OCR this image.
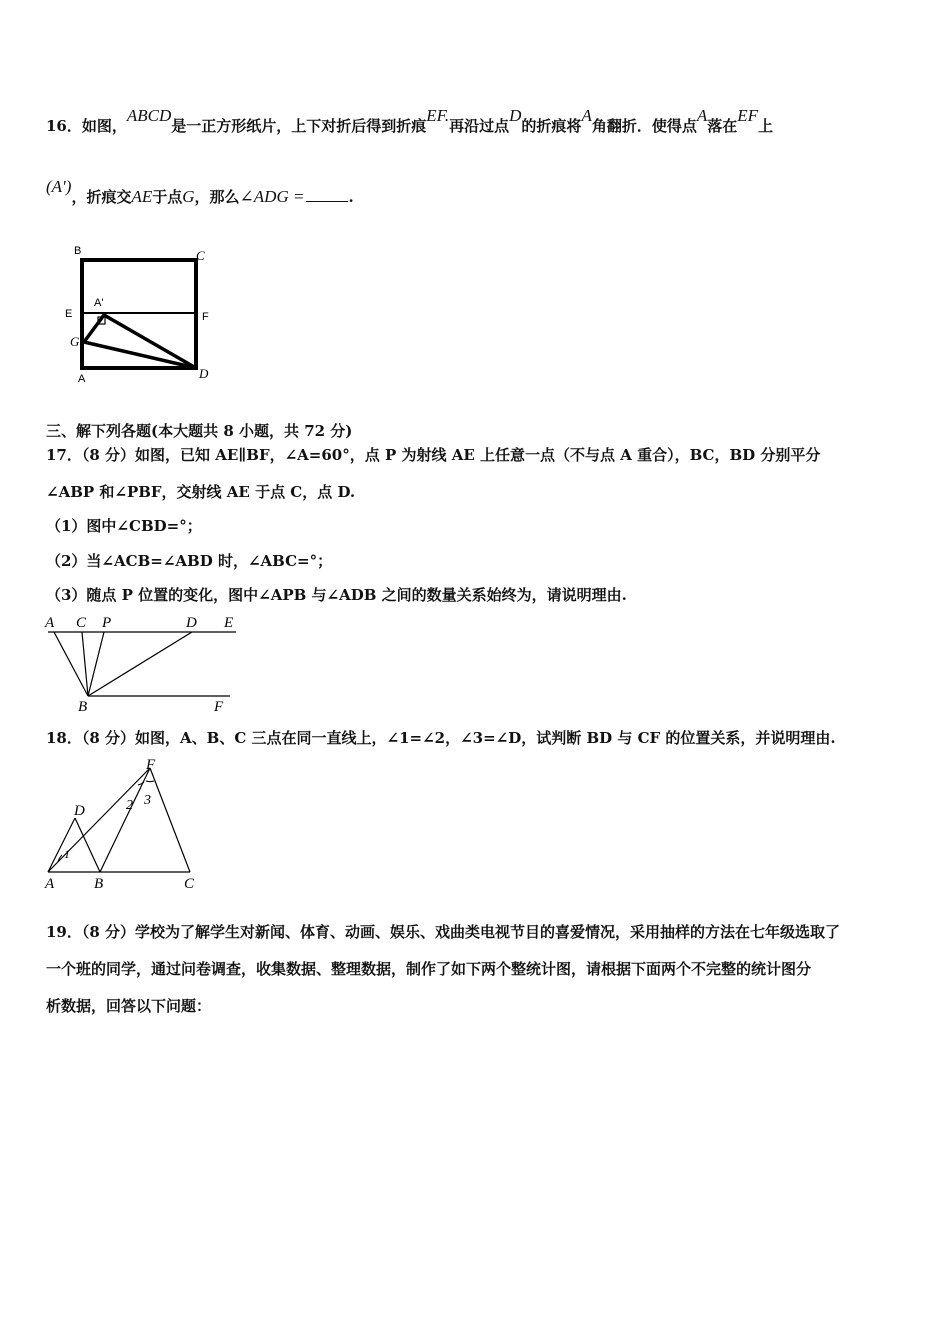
16．如图，ABCD是一正方形纸片，上下对折后得到折痕EF.再沿过点D的折痕将A角翻折．使得点A落在EF上
(A′)，折痕交AE于点G，那么∠ADG =	.
B	C
E	F
A'
G
A	D
三、解下列各题(本大题共 8 小题，共 72 分)
17．（8 分）如图，已知 AE∥BF，∠A=60°，点 P 为射线 AE 上任意一点（不与点 A 重合），BC，BD 分别平分
∠ABP 和∠PBF，交射线 AE 于点 C，点 D.
（1）图中∠CBD=°；
（2）当∠ACB=∠ABD 时，∠ABC=°；
（3）随点 P 位置的变化，图中∠APB 与∠ADB 之间的数量关系始终为，请说明理由.
A C P	D E
B	F
18．（8 分）如图，A、B、C 三点在同一直线上，∠1=∠2，∠3=∠D，试判断 BD 与 CF 的位置关系，并说明理由.
F
D
A	B	C
1
2 3
19．（8 分）学校为了解学生对新闻、体育、动画、娱乐、戏曲类电视节目的喜爱情况，采用抽样的方法在七年级选取了
一个班的同学，通过问卷调查，收集数据、整理数据，制作了如下两个整统计图，请根据下面两个不完整的统计图分
析数据，回答以下问题：
